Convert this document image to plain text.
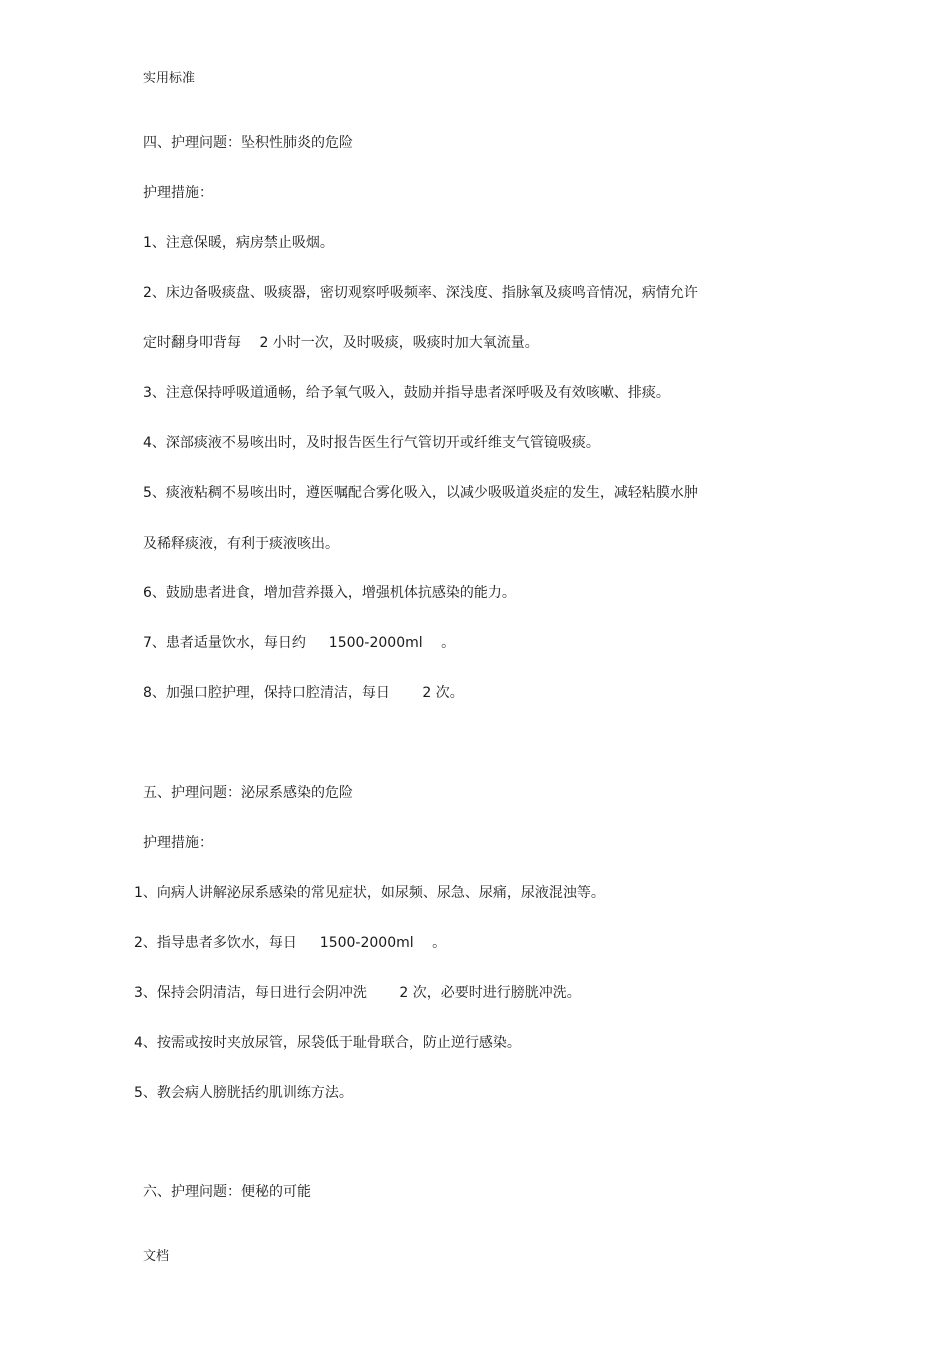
实用标准
四、护理问题：坠积性肺炎的危险
护理措施：
1、注意保暖，病房禁止吸烟。
2、床边备吸痰盘、吸痰器，密切观察呼吸频率、深浅度、指脉氧及痰鸣音情况，病情允许
定时翻身叩背每　 2 小时一次，及时吸痰，吸痰时加大氧流量。
3、注意保持呼吸道通畅，给予氧气吸入，鼓励并指导患者深呼吸及有效咳嗽、排痰。
4、深部痰液不易咳出时，及时报告医生行气管切开或纤维支气管镜吸痰。
5、痰液粘稠不易咳出时，遵医嘱配合雾化吸入，以减少吸吸道炎症的发生，减轻粘膜水肿
及稀释痰液，有利于痰液咳出。
6、鼓励患者进食，增加营养摄入，增强机体抗感染的能力。
7、患者适量饮水，每日约　  1500-2000ml　 。
8、加强口腔护理，保持口腔清洁，每日　　 2 次。
五、护理问题：泌尿系感染的危险
护理措施：
1、向病人讲解泌尿系感染的常见症状，如尿频、尿急、尿痛，尿液混浊等。
2、指导患者多饮水，每日　  1500-2000ml　 。
3、保持会阴清洁，每日进行会阴冲洗　　 2 次，必要时进行膀胱冲洗。
4、按需或按时夹放尿管，尿袋低于耻骨联合，防止逆行感染。
5、教会病人膀胱括约肌训练方法。
六、护理问题：便秘的可能
文档
